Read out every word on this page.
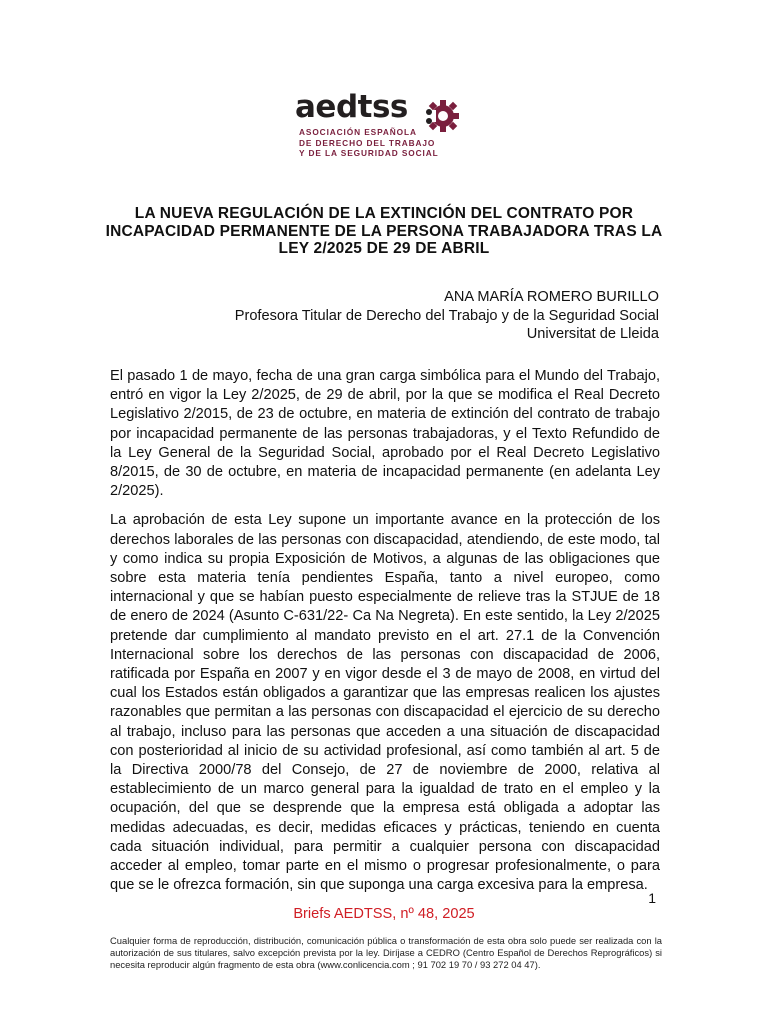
aedtss
ASOCIACIÓN ESPAÑOLA
DE DERECHO DEL TRABAJO
Y DE LA SEGURIDAD SOCIAL
LA NUEVA REGULACIÓN DE LA EXTINCIÓN DEL CONTRATO POR INCAPACIDAD PERMANENTE DE LA PERSONA TRABAJADORA TRAS LA LEY 2/2025 DE 29 DE ABRIL
ANA MARÍA ROMERO BURILLO
Profesora Titular de Derecho del Trabajo y de la Seguridad Social
Universitat de Lleida

El pasado 1 de mayo, fecha de una gran carga simbólica para el Mundo del Trabajo, entró en vigor la Ley 2/2025, de 29 de abril, por la que se modifica el Real Decreto Legislativo 2/2015, de 23 de octubre, en materia de extinción del contrato de trabajo por incapacidad permanente de las personas trabajadoras, y el Texto Refundido de la Ley General de la Seguridad Social, aprobado por el Real Decreto Legislativo 8/2015, de 30 de octubre, en materia de incapacidad permanente (en adelanta Ley 2/2025).

La aprobación de esta Ley supone un importante avance en la protección de los derechos laborales de las personas con discapacidad, atendiendo, de este modo, tal y como indica su propia Exposición de Motivos, a algunas de las obligaciones que sobre esta materia tenía pendientes España, tanto a nivel europeo, como internacional y que se habían puesto especialmente de relieve tras la STJUE de 18 de enero de 2024 (Asunto C-631/22- Ca Na Negreta). En este sentido, la Ley 2/2025 pretende dar cumplimiento al mandato previsto en el art. 27.1 de la Convención Internacional sobre los derechos de las personas con discapacidad de 2006, ratificada por España en 2007 y en vigor desde el 3 de mayo de 2008, en virtud del cual los Estados están obligados a garantizar que las empresas realicen los ajustes razonables que permitan a las personas con discapacidad el ejercicio de su derecho al trabajo, incluso para las personas que acceden a una situación de discapacidad con posterioridad al inicio de su actividad profesional, así como también al art. 5 de la Directiva 2000/78 del Consejo, de 27 de noviembre de 2000, relativa al establecimiento de un marco general para la igualdad de trato en el empleo y la ocupación, del que se desprende que la empresa está obligada a adoptar las medidas adecuadas, es decir, medidas eficaces y prácticas, teniendo en cuenta cada situación individual, para permitir a cualquier persona con discapacidad acceder al empleo, tomar parte en el mismo o progresar profesionalmente, o para que se le ofrezca formación, sin que suponga una carga excesiva para la empresa.

1
Briefs AEDTSS, nº 48, 2025
Cualquier forma de reproducción, distribución, comunicación pública o transformación de esta obra solo puede ser realizada con la autorización de sus titulares, salvo excepción prevista por la ley. Diríjase a CEDRO (Centro Español de Derechos Reprográficos) si necesita reproducir algún fragmento de esta obra (www.conlicencia.com ; 91 702 19 70 / 93 272 04 47).
